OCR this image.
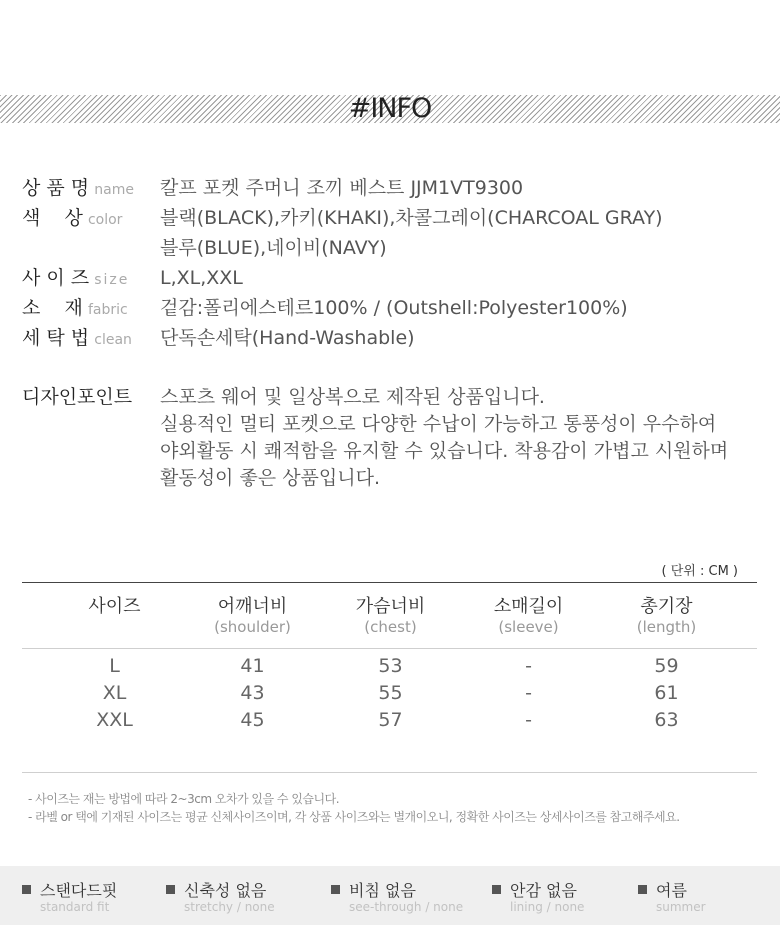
#INFO
상 품 명 name 칼프 포켓 주머니 조끼 베스트 JJM1VT9300
색    상 color 블랙(BLACK),카키(KHAKI),차콜그레이(CHARCOAL GRAY)
블루(BLUE),네이비(NAVY)
사 이 즈 size L,XL,XXL
소    재 fabric 겉감:폴리에스테르100% / (Outshell:Polyester100%)
세 탁 법 clean 단독손세탁(Hand-Washable)
디자인포인트 스포츠 웨어 및 일상복으로 제작된 상품입니다.
실용적인 멀티 포켓으로 다양한 수납이 가능하고 통풍성이 우수하여
야외활동 시 쾌적함을 유지할 수 있습니다. 착용감이 가볍고 시원하며
활동성이 좋은 상품입니다.
( 단위 : CM )
사이즈	어깨너비
(shoulder)
가슴너비
(chest)
소매길이
(sleeve)
총기장
(length)
L
XL
XXL
41
43
45
53
55
57
-
-
-
59
61
63
- 사이즈는 재는 방법에 따라 2~3cm 오차가 있을 수 있습니다.
- 라벨 or 택에 기재된 사이즈는 평균 신체사이즈이며, 각 상품 사이즈와는 별개이오니, 정확한 사이즈는 상세사이즈를 참고해주세요.
스탠다드핏
standard fit
신축성 없음
stretchy / none
비침 없음
see-through / none
안감 없음
lining / none
여름
summer
